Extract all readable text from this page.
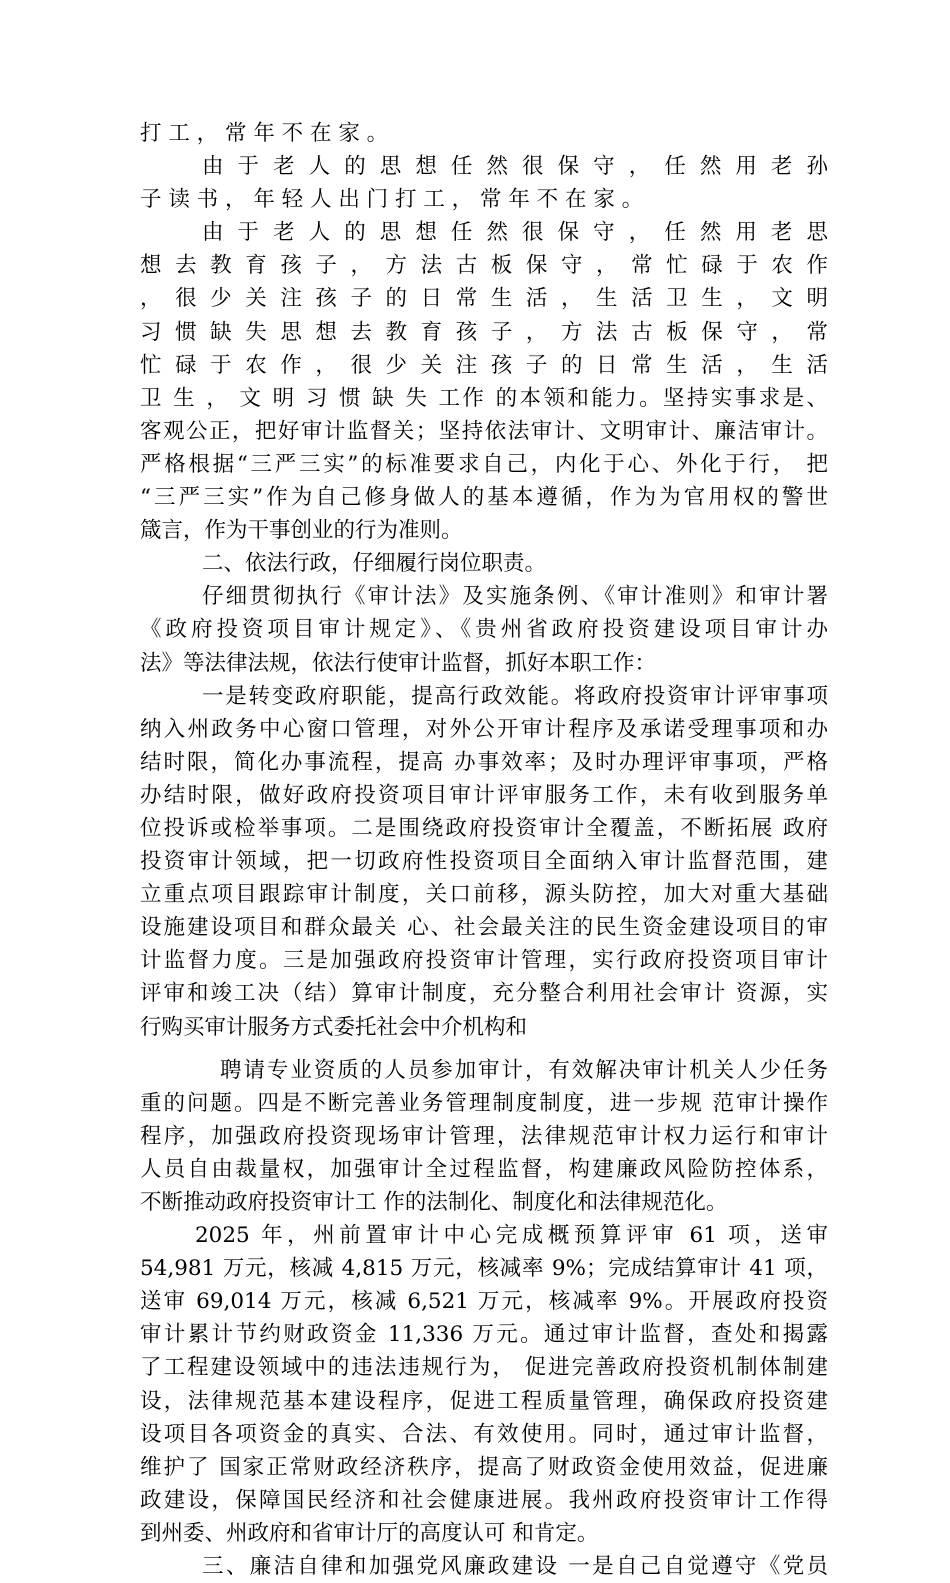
打 工 ， 常 年 不 在 家 。
由 于 老 人 的 思 想 任 然 很 保 守 ， 任 然 用 老 孙
子 读 书 ， 年 轻 人 出 门 打 工 ， 常 年 不 在 家 。
由 于 老 人 的 思 想 任 然 很 保 守 ， 任 然 用 老 思
想 去 教 育 孩 子 ， 方 法 古 板 保 守 ， 常 忙 碌 于 农 作
， 很 少 关 注 孩 子 的 日 常 生 活 ， 生 活 卫 生 ， 文 明
习 惯 缺 失 思 想 去 教 育 孩 子 ， 方 法 古 板 保 守 ， 常
忙 碌 于 农 作 ， 很 少 关 注 孩 子 的 日 常 生 活 ， 生 活
卫 生 ， 文 明 习 惯 缺 失 工作 的本领和能力。坚持实事求是、
客观公正，把好审计监督关；坚持依法审计、文明审计、廉洁审计。
严格根据“三严三实”的标准要求自己，内化于心、外化于行， 把
“三严三实”作为自己修身做人的基本遵循，作为为官用权的警世
箴言，作为干事创业的行为准则。
二、依法行政，仔细履行岗位职责。
仔细贯彻执行《审计法》及实施条例、《审计准则》和审计署
《政府投资项目审计规定》、《贵州省政府投资建设项目审计办
法》等法律法规，依法行使审计监督，抓好本职工作：
一是转变政府职能，提高行政效能。将政府投资审计评审事项
纳入州政务中心窗口管理，对外公开审计程序及承诺受理事项和办
结时限，简化办事流程，提高 办事效率；及时办理评审事项，严格
办结时限，做好政府投资项目审计评审服务工作，未有收到服务单
位投诉或检举事项。二是围绕政府投资审计全覆盖，不断拓展 政府
投资审计领域，把一切政府性投资项目全面纳入审计监督范围，建
立重点项目跟踪审计制度，关口前移，源头防控，加大对重大基础
设施建设项目和群众最关 心、社会最关注的民生资金建设项目的审
计监督力度。三是加强政府投资审计管理，实行政府投资项目审计
评审和竣工决（结）算审计制度，充分整合利用社会审计 资源，实
行购买审计服务方式委托社会中介机构和
聘请专业资质的人员参加审计，有效解决审计机关人少任务
重的问题。四是不断完善业务管理制度制度，进一步规 范审计操作
程序，加强政府投资现场审计管理，法律规范审计权力运行和审计
人员自由裁量权，加强审计全过程监督，构建廉政风险防控体系，
不断推动政府投资审计工 作的法制化、制度化和法律规范化。
2025 年，州前置审计中心完成概预算评审 61 项，送审
54,981 万元，核减 4,815 万元，核减率 9%；完成结算审计 41 项，
送审 69,014 万元，核减 6,521 万元，核减率 9%。开展政府投资
审计累计节约财政资金 11,336 万元。通过审计监督，查处和揭露
了工程建设领域中的违法违规行为， 促进完善政府投资机制体制建
设，法律规范基本建设程序，促进工程质量管理，确保政府投资建
设项目各项资金的真实、合法、有效使用。同时，通过审计监督，
维护了 国家正常财政经济秩序，提高了财政资金使用效益，促进廉
政建设，保障国民经济和社会健康进展。我州政府投资审计工作得
到州委、州政府和省审计厅的高度认可 和肯定。
三、廉洁自律和加强党风廉政建设 一是自己自觉遵守《党员
